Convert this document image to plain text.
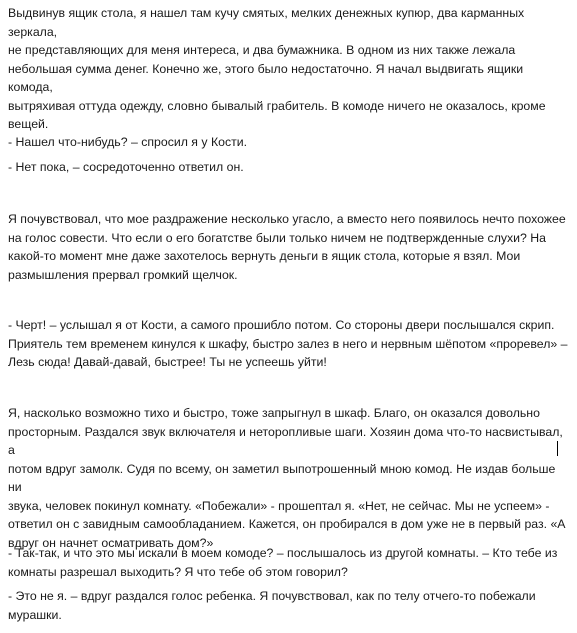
Выдвинув ящик стола, я нашел там кучу смятых, мелких денежных купюр, два карманных зеркала,
не представляющих для меня интереса, и два бумажника. В одном из них также лежала
небольшая сумма денег. Конечно же, этого было недостаточно. Я начал выдвигать ящики комода,
вытряхивая оттуда одежду, словно бывалый грабитель. В комоде ничего не оказалось, кроме
вещей.

- Нашел что-нибудь? – спросил я у Кости.

- Нет пока, – сосредоточенно ответил он.

Я почувствовал, что мое раздражение несколько угасло, а вместо него появилось нечто похожее
на голос совести. Что если о его богатстве были только ничем не подтвержденные слухи? На
какой-то момент мне даже захотелось вернуть деньги в ящик стола, которые я взял. Мои
размышления прервал громкий щелчок.

- Черт! – услышал я от Кости, а самого прошибло потом. Со стороны двери послышался скрип.
Приятель тем временем кинулся к шкафу, быстро залез в него и нервным шёпотом «проревел» –
Лезь сюда! Давай-давай, быстрее! Ты не успеешь уйти!

Я, насколько возможно тихо и быстро, тоже запрыгнул в шкаф. Благо, он оказался довольно
просторным. Раздался звук включателя и неторопливые шаги. Хозяин дома что-то насвистывал, а
потом вдруг замолк. Судя по всему, он заметил выпотрошенный мною комод. Не издав больше ни
звука, человек покинул комнату. «Побежали» - прошептал я. «Нет, не сейчас. Мы не успеем» -
ответил он с завидным самообладанием. Кажется, он пробирался в дом уже не в первый раз. «А
вдруг он начнет осматривать дом?»

- Так-так, и что это мы искали в моем комоде? – послышалось из другой комнаты. – Кто тебе из
комнаты разрешал выходить? Я что тебе об этом говорил?

- Это не я. – вдруг раздался голос ребенка. Я почувствовал, как по телу отчего-то побежали
мурашки.
